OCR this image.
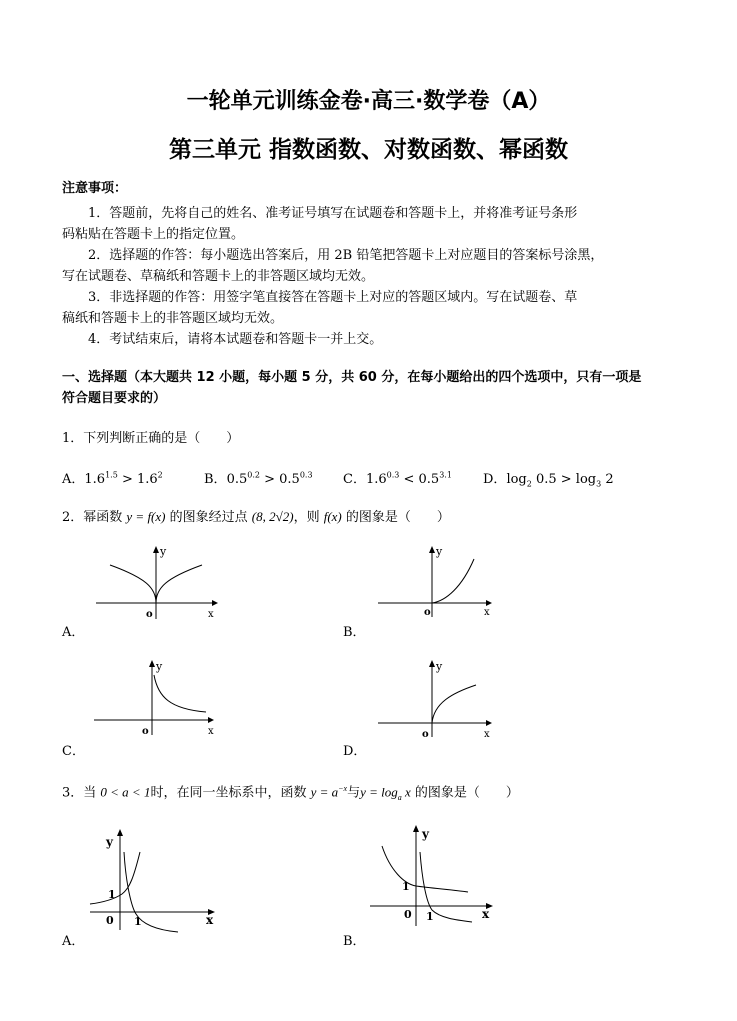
一轮单元训练金卷·高三·数学卷（A）
第三单元 指数函数、对数函数、幂函数
注意事项：
1．答题前，先将自己的姓名、准考证号填写在试题卷和答题卡上，并将准考证号条形
码粘贴在答题卡上的指定位置。
2．选择题的作答：每小题选出答案后，用 2B 铅笔把答题卡上对应题目的答案标号涂黑，
写在试题卷、草稿纸和答题卡上的非答题区域均无效。
3．非选择题的作答：用签字笔直接答在答题卡上对应的答题区域内。写在试题卷、草
稿纸和答题卡上的非答题区域均无效。
4．考试结束后，请将本试题卷和答题卡一并上交。
一、选择题（本大题共 12 小题，每小题 5 分，共 60 分，在每小题给出的四个选项中，只有一项是
符合题目要求的）
1．下列判断正确的是（　　）
A．$1.6^{1.5} > 1.6^2$	B．$0.5^{0.2} > 0.5^{0.3}$ C．$1.6^{0.3} < 0.5^{3.1}$ D．$\log_2 0.5 > \log_3 2$
2．幂函数 y = f(x) 的图象经过点 (8, 2√2)，则 f(x) 的图象是（　　）
y
x
o
A．
y
x
o
B．
y
x
o
C．
y
x
o
D．
3．当 0 < a < 1时，在同一坐标系中，函数 $y = a^{-x}$与$y = \log_a x$ 的图象是（　　）
y
x
0
1
1
A．
y
x
0
1
1
B．
